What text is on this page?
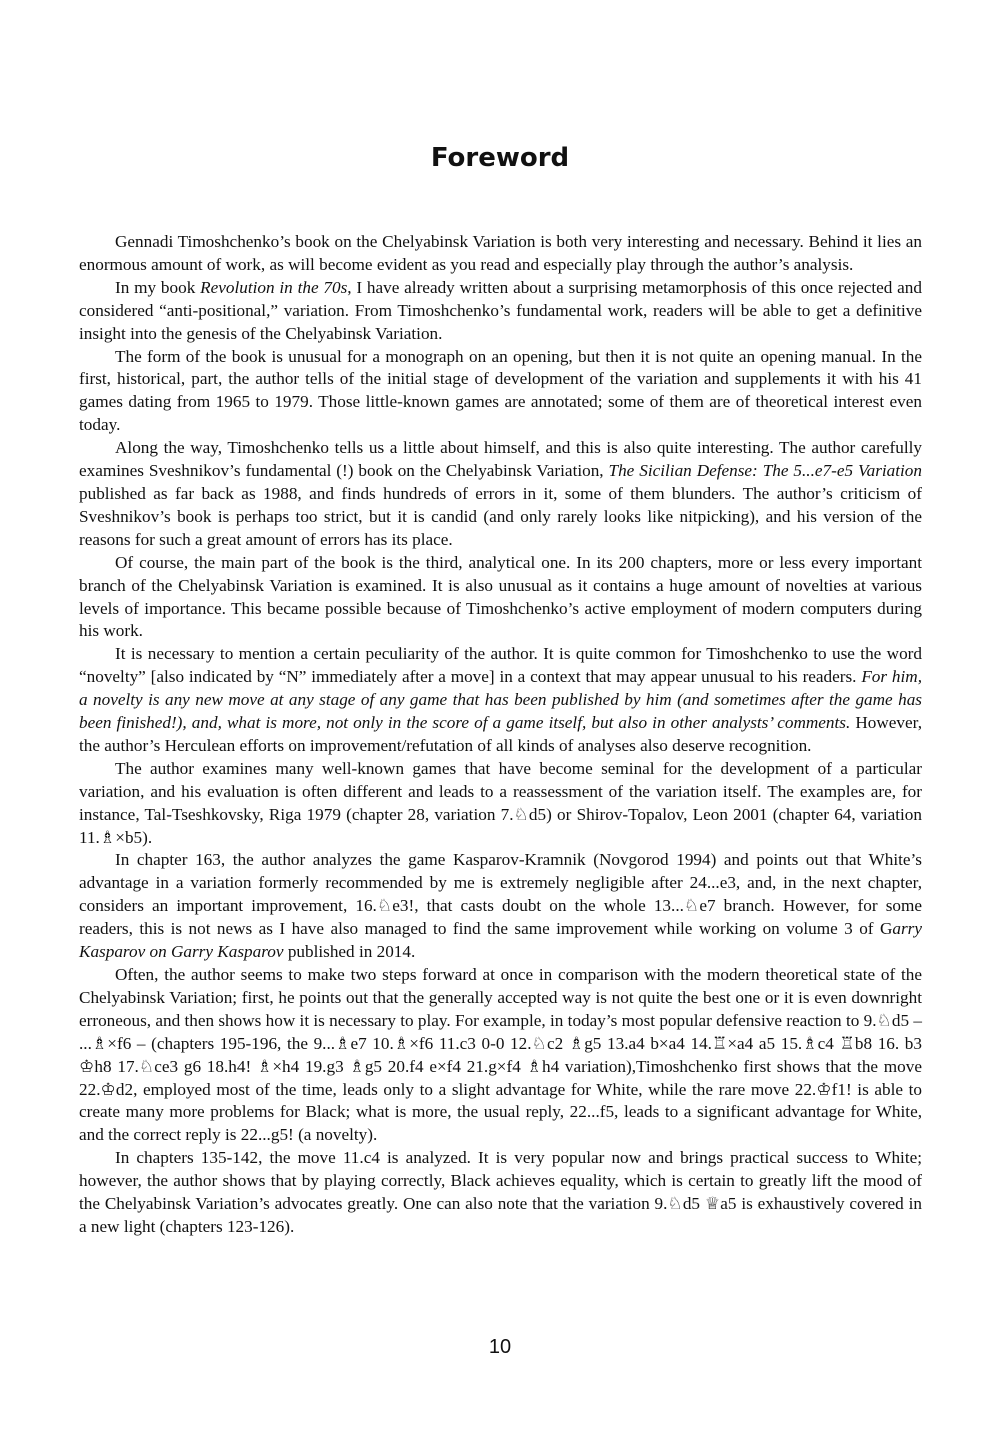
Foreword

Gennadi Timoshchenko’s book on the Chelyabinsk Variation is both very interesting and necessary. Behind it lies an enormous amount of work, as will become evident as you read and especially play through the author’s analysis.

In my book Revolution in the 70s, I have already written about a surprising metamorphosis of this once rejected and considered “anti-positional,” variation. From Timoshchenko’s fundamental work, readers will be able to get a definitive insight into the genesis of the Chelyabinsk Variation.

The form of the book is unusual for a monograph on an opening, but then it is not quite an opening manual. In the first, historical, part, the author tells of the initial stage of development of the variation and supplements it with his 41 games dating from 1965 to 1979. Those little-known games are annotated; some of them are of theoretical interest even today.

Along the way, Timoshchenko tells us a little about himself, and this is also quite interesting. The author carefully examines Sveshnikov’s fundamental (!) book on the Chelyabinsk Variation, The Sicilian Defense: The 5...e7-e5 Variation published as far back as 1988, and finds hundreds of errors in it, some of them blunders. The author’s criticism of Sveshnikov’s book is perhaps too strict, but it is candid (and only rarely looks like nitpicking), and his version of the reasons for such a great amount of errors has its place.

Of course, the main part of the book is the third, analytical one. In its 200 chapters, more or less every important branch of the Chelyabinsk Variation is examined. It is also unusual as it contains a huge amount of novelties at various levels of importance. This became possible because of Timoshchenko’s active employment of modern computers during his work.

It is necessary to mention a certain peculiarity of the author. It is quite common for Timoshchenko to use the word “novelty” [also indicated by “N” immediately after a move] in a context that may appear unusual to his readers. For him, a novelty is any new move at any stage of any game that has been published by him (and sometimes after the game has been finished!), and, what is more, not only in the score of a game itself, but also in other analysts’ comments. However, the author’s Herculean efforts on improvement/refutation of all kinds of analyses also deserve recognition.

The author examines many well-known games that have become seminal for the development of a particular variation, and his evaluation is often different and leads to a reassessment of the variation itself. The examples are, for instance, Tal-Tseshkovsky, Riga 1979 (chapter 28, variation 7.♘d5) or Shirov-Topalov, Leon 2001 (chapter 64, variation 11.♗×b5).

In chapter 163, the author analyzes the game Kasparov-Kramnik (Novgorod 1994) and points out that White’s advantage in a variation formerly recommended by me is extremely negligible after 24...e3, and, in the next chapter, considers an important improvement, 16.♘e3!, that casts doubt on the whole 13...♘e7 branch. However, for some readers, this is not news as I have also managed to find the same improvement while working on volume 3 of Garry Kasparov on Garry Kasparov published in 2014.

Often, the author seems to make two steps forward at once in comparison with the modern theoretical state of the Chelyabinsk Variation; first, he points out that the generally accepted way is not quite the best one or it is even downright erroneous, and then shows how it is necessary to play. For example, in today’s most popular defensive reaction to 9.♘d5 – ...♗×f6 – (chapters 195-196, the 9...♗e7 10.♗×f6 11.c3 0-0 12.♘c2 ♗g5 13.a4 b×a4 14.♖×a4 a5 15.♗c4 ♖b8 16. b3 ♔h8 17.♘ce3 g6 18.h4! ♗×h4 19.g3 ♗g5 20.f4 e×f4 21.g×f4 ♗h4 variation),Timoshchenko first shows that the move 22.♔d2, employed most of the time, leads only to a slight advantage for White, while the rare move 22.♔f1! is able to create many more problems for Black; what is more, the usual reply, 22...f5, leads to a significant advantage for White, and the correct reply is 22...g5! (a novelty).

In chapters 135-142, the move 11.c4 is analyzed. It is very popular now and brings practical success to White; however, the author shows that by playing correctly, Black achieves equality, which is certain to greatly lift the mood of the Chelyabinsk Variation’s advocates greatly. One can also note that the variation 9.♘d5 ♕a5 is exhaustively covered in a new light (chapters 123-126).

10
